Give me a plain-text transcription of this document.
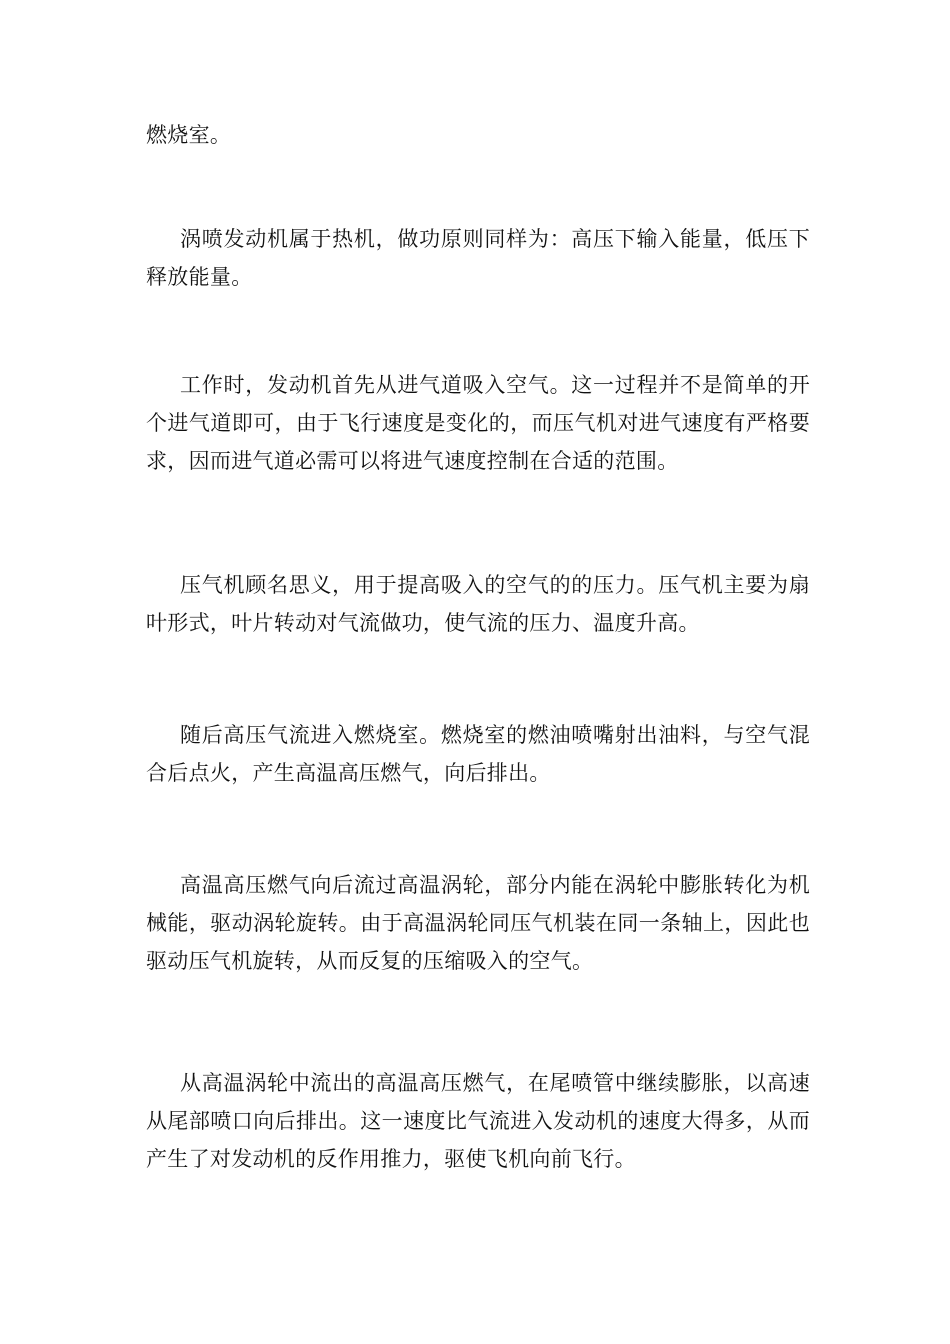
燃烧室。

涡喷发动机属于热机，做功原则同样为：高压下输入能量，低压下释放能量。

工作时，发动机首先从进气道吸入空气。这一过程并不是简单的开个进气道即可，由于飞行速度是变化的，而压气机对进气速度有严格要求，因而进气道必需可以将进气速度控制在合适的范围。

压气机顾名思义，用于提高吸入的空气的的压力。压气机主要为扇叶形式，叶片转动对气流做功，使气流的压力、温度升高。

随后高压气流进入燃烧室。燃烧室的燃油喷嘴射出油料，与空气混合后点火，产生高温高压燃气，向后排出。

高温高压燃气向后流过高温涡轮，部分内能在涡轮中膨胀转化为机械能，驱动涡轮旋转。由于高温涡轮同压气机装在同一条轴上，因此也驱动压气机旋转，从而反复的压缩吸入的空气。

从高温涡轮中流出的高温高压燃气，在尾喷管中继续膨胀，以高速从尾部喷口向后排出。这一速度比气流进入发动机的速度大得多，从而产生了对发动机的反作用推力，驱使飞机向前飞行。
